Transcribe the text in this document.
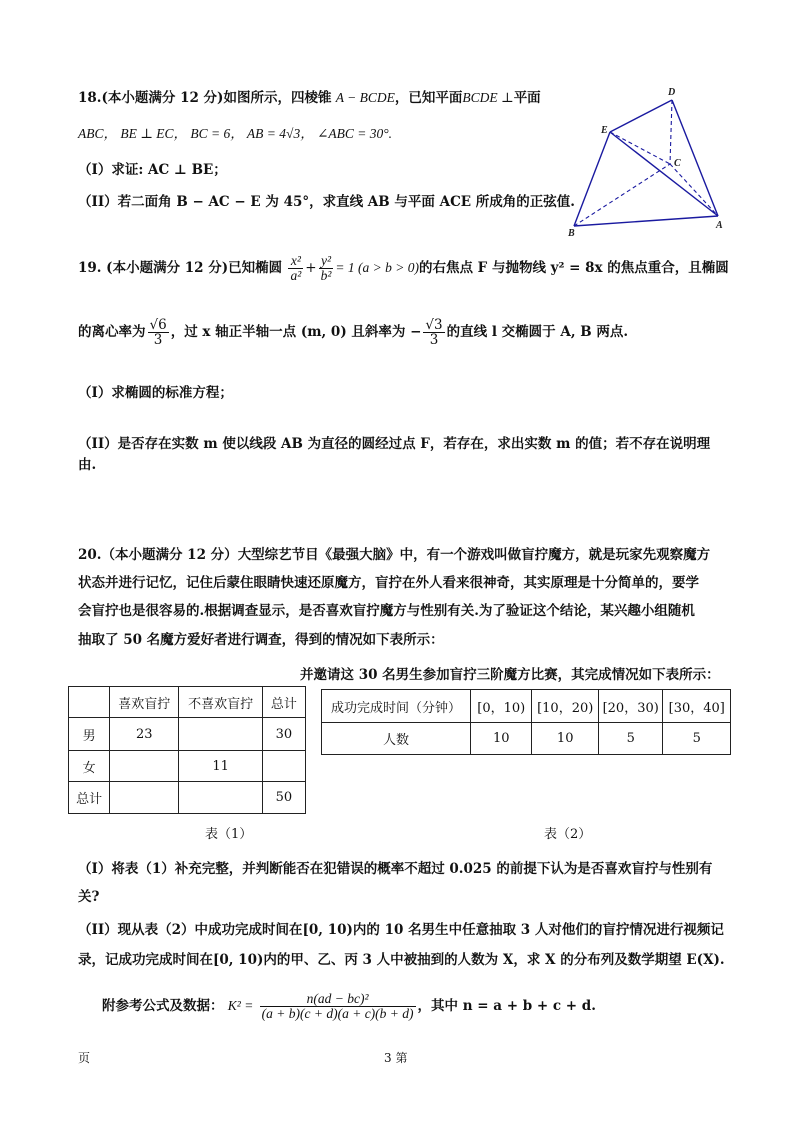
18.(本小题满分 12 分)如图所示，四棱锥 A − BCDE，已知平面BCDE ⊥平面
ABC， BE ⊥ EC， BC = 6， AB = 4√3， ∠ABC = 30°.
（I）求证: AC ⊥ BE；
（II）若二面角 B − AC − E 为 45°，求直线 AB 与平面 ACE 所成角的正弦值.
D
E
C
B
A
19. (本小题满分 12 分)已知椭圆 $\frac{\text{x²}}{\text{a²}} + \frac{\text{y²}}{\text{b²}} = 1$ (a > b > 0)的右焦点 F 与抛物线 y² = 8x 的焦点重合，且椭圆
的离心率为 $\frac{√6}{3}$ ，过 x 轴正半轴一点 (m, 0) 且斜率为 − $\frac{√3}{3}$ 的直线 l 交椭圆于 A, B 两点.
（I）求椭圆的标准方程；
（II）是否存在实数 m 使以线段 AB 为直径的圆经过点 F，若存在，求出实数 m 的值；若不存在说明理
由.
20.（本小题满分 12 分）大型综艺节目《最强大脑》中，有一个游戏叫做盲拧魔方，就是玩家先观察魔方
状态并进行记忆，记住后蒙住眼睛快速还原魔方，盲拧在外人看来很神奇，其实原理是十分简单的，要学
会盲拧也是很容易的.根据调查显示，是否喜欢盲拧魔方与性别有关.为了验证这个结论，某兴趣小组随机
抽取了 50 名魔方爱好者进行调查，得到的情况如下表所示：
并邀请这 30 名男生参加盲拧三阶魔方比赛，其完成情况如下表所示：
	喜欢盲拧	不喜欢盲拧	总计
男	23		30
女		11	
总计			50
表（1）
成功完成时间（分钟）	[0，10)	[10，20)	[20，30)	[30，40]
人数	10	10	5	5
表（2）
（I）将表（1）补充完整，并判断能否在犯错误的概率不超过 0.025 的前提下认为是否喜欢盲拧与性别有
关?
（II）现从表（2）中成功完成时间在[0, 10)内的 10 名男生中任意抽取 3 人对他们的盲拧情况进行视频记
录，记成功完成时间在[0, 10)内的甲、乙、丙 3 人中被抽到的人数为 X，求 X 的分布列及数学期望 E(X).
附参考公式及数据： $K^2 = \frac{\text{n(ad − bc)²}}{(a + b)(c + d)(a + c)(b + d)}$ ，其中 n = a + b + c + d.
页	3 第
